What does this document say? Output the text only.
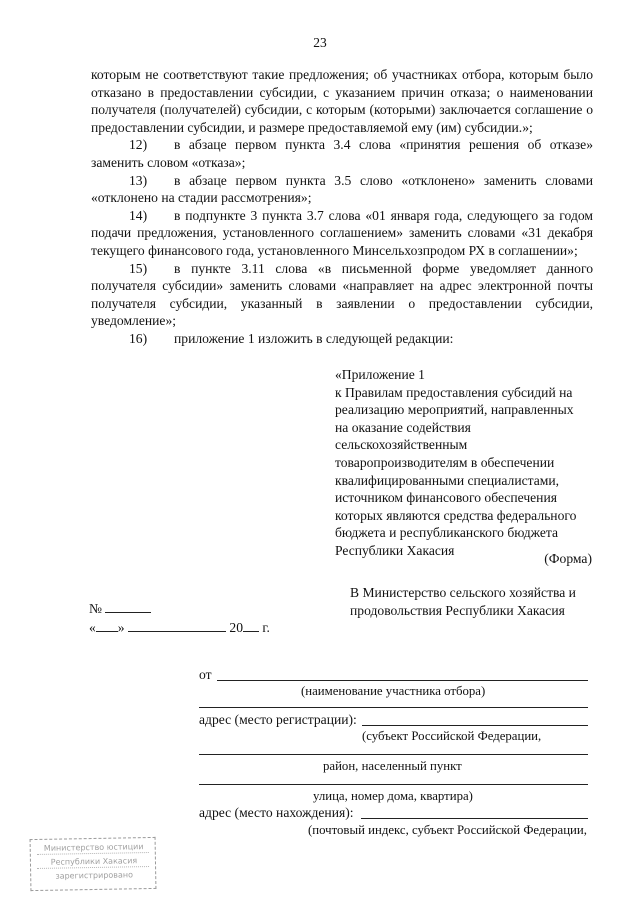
23

которым не соответствуют такие предложения; об участниках отбора, которым было отказано в предоставлении субсидии, с указанием причин отказа; о наименовании получателя (получателей) субсидии, с которым (которыми) заключается соглашение о предоставлении субсидии, и размере предоставляемой ему (им) субсидии.»;

12) в абзаце первом пункта 3.4 слова «принятия решения об отказе» заменить словом «отказа»;

13) в абзаце первом пункта 3.5 слово «отклонено» заменить словами «отклонено на стадии рассмотрения»;

14) в подпункте 3 пункта 3.7 слова «01 января года, следующего за годом подачи предложения, установленного соглашением» заменить словами «31 декабря текущего финансового года, установленного Минсельхозпродом РХ в соглашении»;

15) в пункте 3.11 слова «в письменной форме уведомляет данного получателя субсидии» заменить словами «направляет на адрес электронной почты получателя субсидии, указанный в заявлении о предоставлении субсидии, уведомление»;

16) приложение 1 изложить в следующей редакции:

«Приложение 1
к Правилам предоставления субсидий на
реализацию мероприятий, направленных
на оказание содействия
сельскохозяйственным
товаропроизводителям в обеспечении
квалифицированными специалистами,
источником финансового обеспечения
которых являются средства федерального
бюджета и республиканского бюджета
Республики Хакасия
(Форма)
В Министерство сельского хозяйства и
продовольствия Республики Хакасия
№
« »	20 г.
от
(наименование участника отбора)
адрес (место регистрации):
(субъект Российской Федерации,
район, населенный пункт
улица, номер дома, квартира)
адрес (место нахождения):
(почтовый индекс, субъект Российской Федерации,
Министерство юстиции
Республики Хакасия
зарегистрировано
